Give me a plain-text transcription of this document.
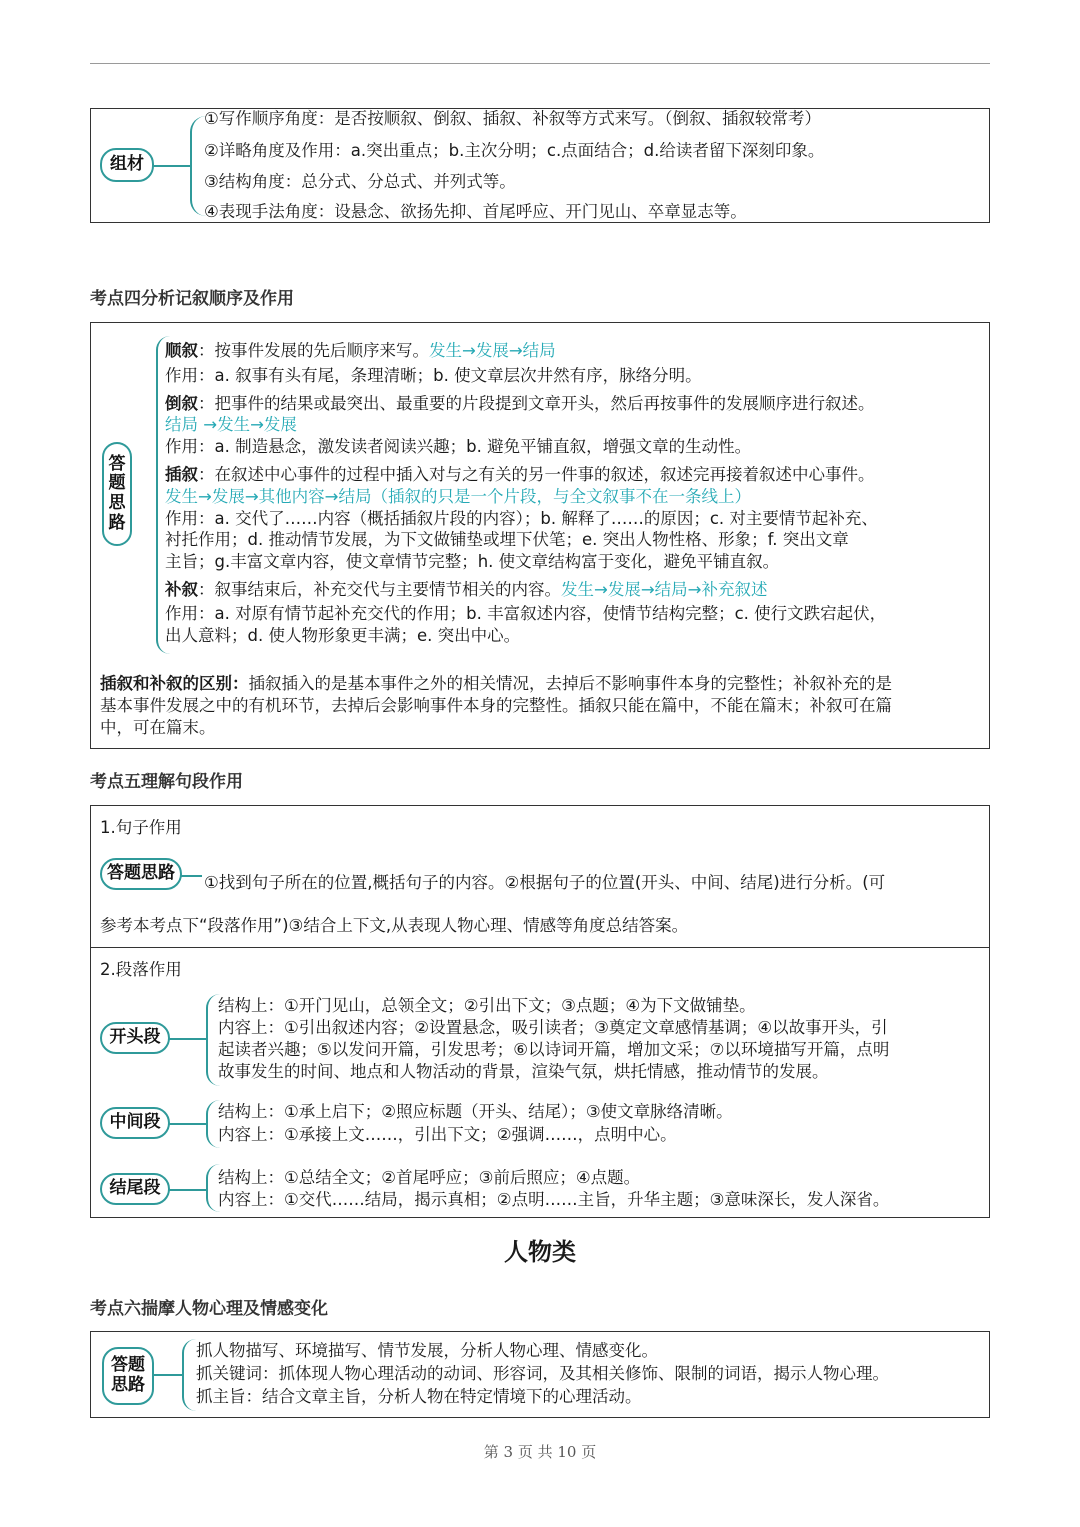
组材
①写作顺序角度：是否按顺叙、倒叙、插叙、补叙等方式来写。（倒叙、插叙较常考）
②详略角度及作用：a.突出重点；b.主次分明；c.点面结合；d.给读者留下深刻印象。
③结构角度：总分式、分总式、并列式等。
④表现手法角度：设悬念、欲扬先抑、首尾呼应、开门见山、卒章显志等。
考点四分析记叙顺序及作用
答题思路
顺叙：按事件发展的先后顺序来写。发生→发展→结局
作用：a. 叙事有头有尾，条理清晰；b. 使文章层次井然有序，脉络分明。
倒叙：把事件的结果或最突出、最重要的片段提到文章开头，然后再按事件的发展顺序进行叙述。
结局 →发生→发展
作用：a. 制造悬念，激发读者阅读兴趣；b. 避免平铺直叙，增强文章的生动性。
插叙：在叙述中心事件的过程中插入对与之有关的另一件事的叙述，叙述完再接着叙述中心事件。
发生→发展→其他内容→结局（插叙的只是一个片段，与全文叙事不在一条线上）
作用：a. 交代了……内容（概括插叙片段的内容）；b. 解释了……的原因；c. 对主要情节起补充、
衬托作用；d. 推动情节发展，为下文做铺垫或埋下伏笔；e. 突出人物性格、形象；f. 突出文章
主旨；g.丰富文章内容，使文章情节完整；h. 使文章结构富于变化，避免平铺直叙。
补叙：叙事结束后，补充交代与主要情节相关的内容。发生→发展→结局→补充叙述
作用：a. 对原有情节起补充交代的作用；b. 丰富叙述内容，使情节结构完整；c. 使行文跌宕起伏，
出人意料；d. 使人物形象更丰满；e. 突出中心。
插叙和补叙的区别：插叙插入的是基本事件之外的相关情况，去掉后不影响事件本身的完整性；补叙补充的是
基本事件发展之中的有机环节，去掉后会影响事件本身的完整性。插叙只能在篇中，不能在篇末；补叙可在篇
中，可在篇末。
考点五理解句段作用
1.句子作用
答题思路	①找到句子所在的位置,概括句子的内容。②根据句子的位置(开头、中间、结尾)进行分析。(可
参考本考点下“段落作用”)③结合上下文,从表现人物心理、情感等角度总结答案。
2.段落作用
开头段
结构上：①开门见山，总领全文；②引出下文；③点题；④为下文做铺垫。
内容上：①引出叙述内容；②设置悬念，吸引读者；③奠定文章感情基调；④以故事开头，引
起读者兴趣；⑤以发问开篇，引发思考；⑥以诗词开篇，增加文采；⑦以环境描写开篇，点明
故事发生的时间、地点和人物活动的背景，渲染气氛，烘托情感，推动情节的发展。
中间段
结构上：①承上启下；②照应标题（开头、结尾）；③使文章脉络清晰。
内容上：①承接上文……，引出下文；②强调……，点明中心。
结尾段
结构上：①总结全文；②首尾呼应；③前后照应；④点题。
内容上：①交代……结局，揭示真相；②点明……主旨，升华主题；③意味深长，发人深省。
人物类
考点六揣摩人物心理及情感变化
答题思路
抓人物描写、环境描写、情节发展，分析人物心理、情感变化。
抓关键词：抓体现人物心理活动的动词、形容词，及其相关修饰、限制的词语，揭示人物心理。
抓主旨：结合文章主旨，分析人物在特定情境下的心理活动。
第 3 页 共 10 页
